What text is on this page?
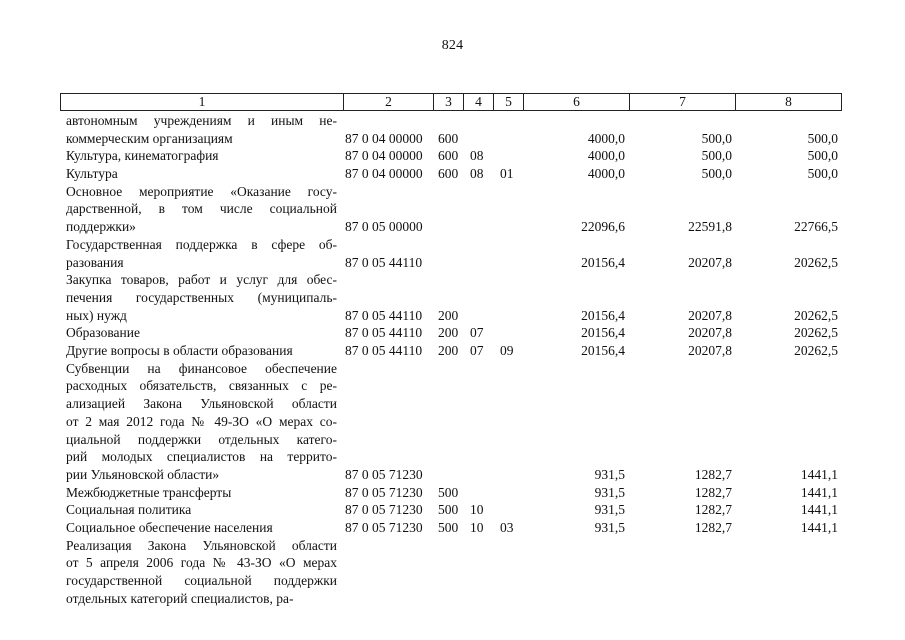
824
1	2	3	4	5	6	7	8
автономным учреждениям и иным не-
коммерческим организациям	87 0 04 00000 600	4000,0	500,0	500,0
Культура, кинематография	87 0 04 00000 600 08	4000,0	500,0	500,0
Культура	87 0 04 00000 600 08 01	4000,0	500,0	500,0
Основное мероприятие «Оказание госу-
дарственной, в том числе социальной
поддержки»	87 0 05 00000	22096,6	22591,8	22766,5
Государственная поддержка в сфере об-
разования	87 0 05 44110	20156,4	20207,8	20262,5
Закупка товаров, работ и услуг для обес-
печения государственных (муниципаль-
ных) нужд	87 0 05 44110 200	20156,4	20207,8	20262,5
Образование	87 0 05 44110 200 07	20156,4	20207,8	20262,5
Другие вопросы в области образования	87 0 05 44110 200 07 09	20156,4	20207,8	20262,5
Субвенции на финансовое обеспечение
расходных обязательств, связанных с ре-
ализацией Закона Ульяновской области
от 2 мая 2012 года № 49-ЗО «О мерах со-
циальной поддержки отдельных катего-
рий молодых специалистов на террито-
рии Ульяновской области»	87 0 05 71230	931,5	1282,7	1441,1
Межбюджетные трансферты	87 0 05 71230 500	931,5	1282,7	1441,1
Социальная политика	87 0 05 71230 500 10	931,5	1282,7	1441,1
Социальное обеспечение населения	87 0 05 71230 500 10 03	931,5	1282,7	1441,1
Реализация Закона Ульяновской области
от 5 апреля 2006 года № 43-ЗО «О мерах
государственной социальной поддержки
отдельных категорий специалистов, ра-
